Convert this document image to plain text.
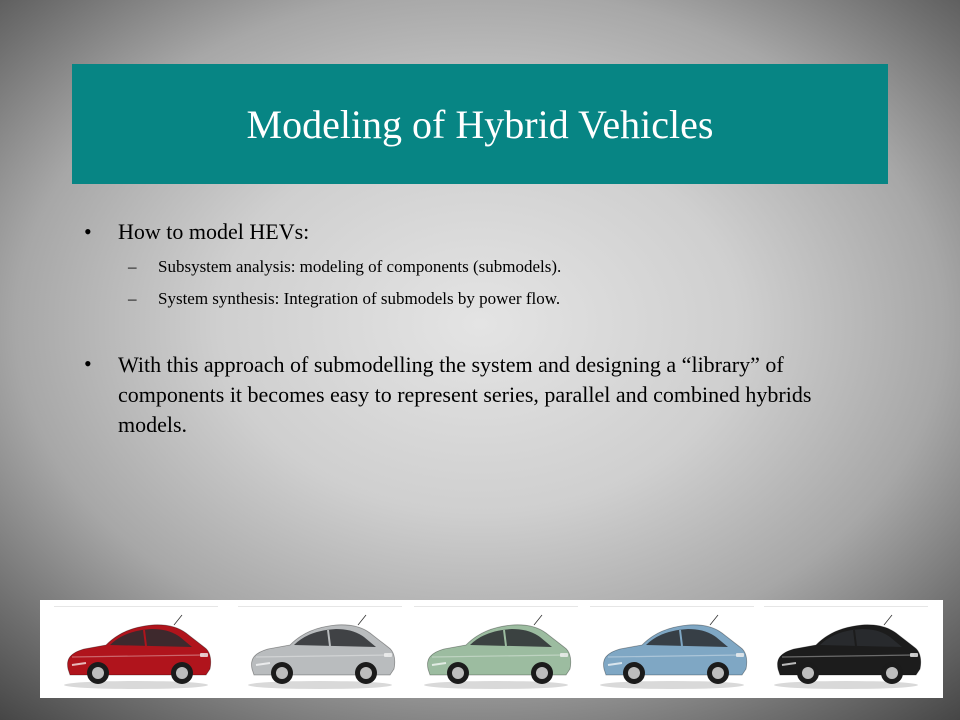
Modeling of Hybrid Vehicles
•	How to model HEVs:
–	Subsystem analysis: modeling of components (submodels).
–	System synthesis: Integration of submodels by power flow.
•	With this approach of submodelling the system and designing a “library” of components it becomes easy to represent series, parallel and combined hybrids models.
